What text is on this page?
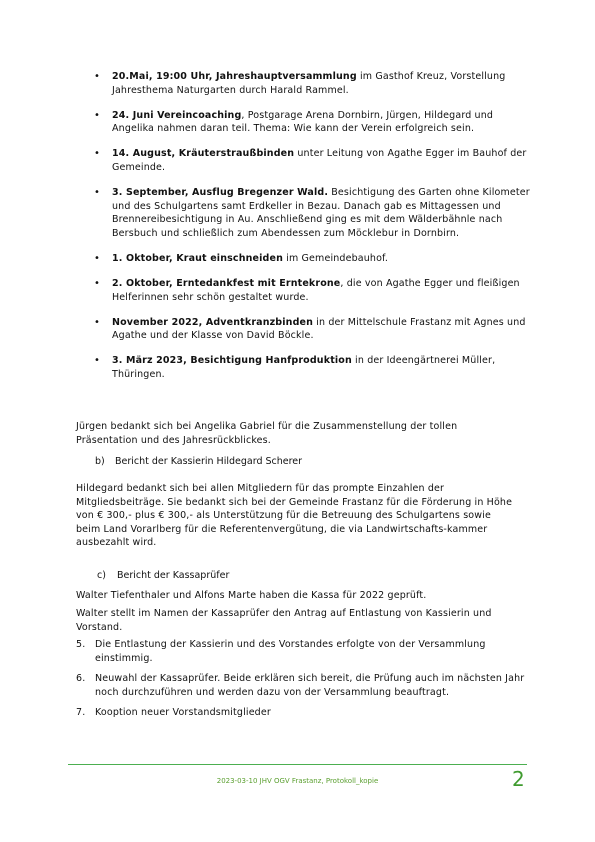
• 20.Mai, 19:00 Uhr, Jahreshauptversammlung im Gasthof Kreuz, Vorstellung Jahresthema Naturgarten durch Harald Rammel.
• 24. Juni Vereincoaching, Postgarage Arena Dornbirn, Jürgen, Hildegard und Angelika nahmen daran teil. Thema: Wie kann der Verein erfolgreich sein.
• 14. August, Kräuterstraußbinden unter Leitung von Agathe Egger im Bauhof der Gemeinde.
• 3. September, Ausflug Bregenzer Wald. Besichtigung des Garten ohne Kilometer und des Schulgartens samt Erdkeller in Bezau. Danach gab es Mittagessen und Brennereibesichtigung in Au. Anschließend ging es mit dem Wälderbähnle nach Bersbuch und schließlich zum Abendessen zum Möcklebur in Dornbirn.
• 1. Oktober, Kraut einschneiden im Gemeindebauhof.
• 2. Oktober, Erntedankfest mit Erntekrone, die von Agathe Egger und fleißigen Helferinnen sehr schön gestaltet wurde.
• November 2022, Adventkranzbinden in der Mittelschule Frastanz mit Agnes und Agathe und der Klasse von David Böckle.
• 3. März 2023, Besichtigung Hanfproduktion in der Ideengärtnerei Müller, Thüringen.

Jürgen bedankt sich bei Angelika Gabriel für die Zusammenstellung der tollen Präsentation und des Jahresrückblickes.

b) Bericht der Kassierin Hildegard Scherer

Hildegard bedankt sich bei allen Mitgliedern für das prompte Einzahlen der Mitgliedsbeiträge. Sie bedankt sich bei der Gemeinde Frastanz für die Förderung in Höhe von € 300,- plus € 300,- als Unterstützung für die Betreuung des Schulgartens sowie beim Land Vorarlberg für die Referentenvergütung, die via Landwirtschafts-kammer ausbezahlt wird.

c) Bericht der Kassaprüfer

Walter Tiefenthaler und Alfons Marte haben die Kassa für 2022 geprüft.

Walter stellt im Namen der Kassaprüfer den Antrag auf Entlastung von Kassierin und Vorstand.

5. Die Entlastung der Kassierin und des Vorstandes erfolgte von der Versammlung einstimmig.
6. Neuwahl der Kassaprüfer. Beide erklären sich bereit, die Prüfung auch im nächsten Jahr noch durchzuführen und werden dazu von der Versammlung beauftragt.
7. Kooption neuer Vorstandsmitglieder
2023-03-10 JHV OGV Frastanz, Protokoll_kopie	2
